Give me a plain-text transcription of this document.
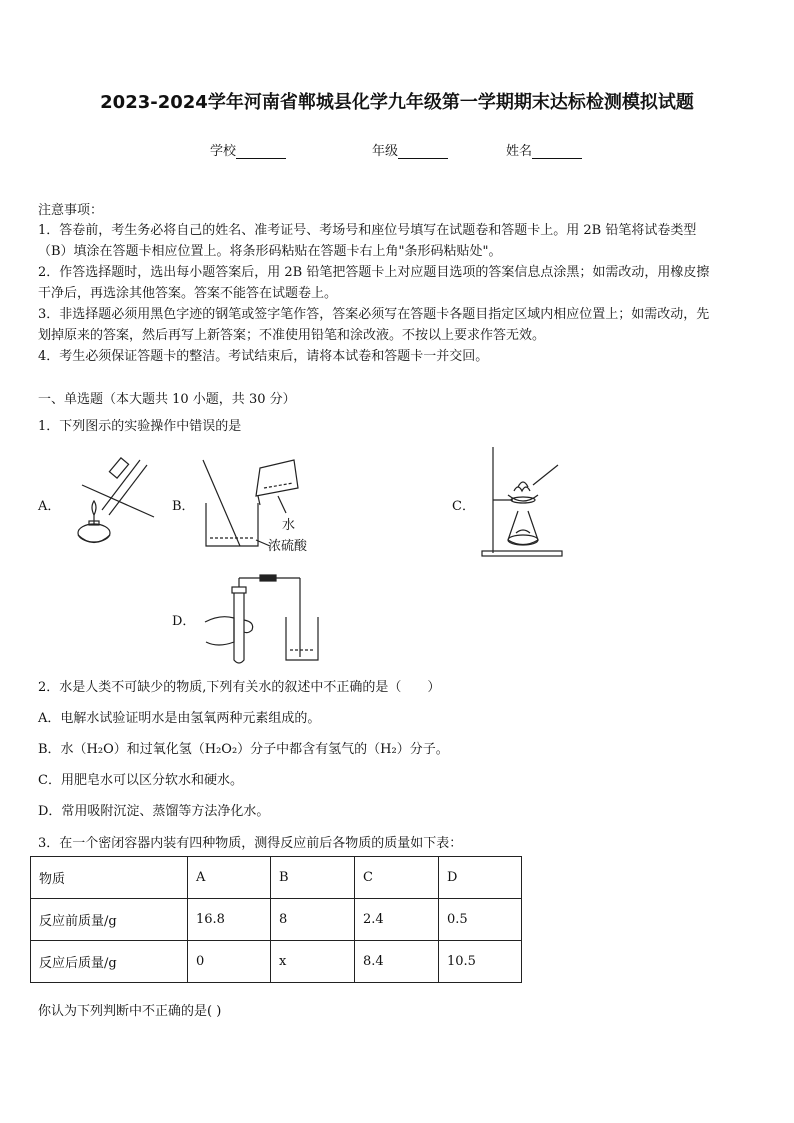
2023-2024学年河南省郸城县化学九年级第一学期期末达标检测模拟试题
学校	年级	姓名
注意事项：
1．答卷前，考生务必将自己的姓名、准考证号、考场号和座位号填写在试题卷和答题卡上。用 2B 铅笔将试卷类型
（B）填涂在答题卡相应位置上。将条形码粘贴在答题卡右上角"条形码粘贴处"。
2．作答选择题时，选出每小题答案后，用 2B 铅笔把答题卡上对应题目选项的答案信息点涂黑；如需改动，用橡皮擦
干净后，再选涂其他答案。答案不能答在试题卷上。
3．非选择题必须用黑色字迹的钢笔或签字笔作答，答案必须写在答题卡各题目指定区域内相应位置上；如需改动，先
划掉原来的答案，然后再写上新答案；不准使用铅笔和涂改液。不按以上要求作答无效。
4．考生必须保证答题卡的整洁。考试结束后，请将本试卷和答题卡一并交回。
一、单选题（本大题共 10 小题，共 30 分）
1．下列图示的实验操作中错误的是
A．	B．
水
浓硫酸
C．
D．
2．水是人类不可缺少的物质,下列有关水的叙述中不正确的是（　　）
A．电解水试验证明水是由氢氧两种元素组成的。
B．水（H₂O）和过氧化氢（H₂O₂）分子中都含有氢气的（H₂）分子。
C．用肥皂水可以区分软水和硬水。
D．常用吸附沉淀、蒸馏等方法净化水。
3．在一个密闭容器内装有四种物质，测得反应前后各物质的质量如下表：
物质	A	B	C	D
反应前质量/g	16.8	8	2.4	0.5
反应后质量/g	0	x	8.4	10.5
你认为下列判断中不正确的是( )
